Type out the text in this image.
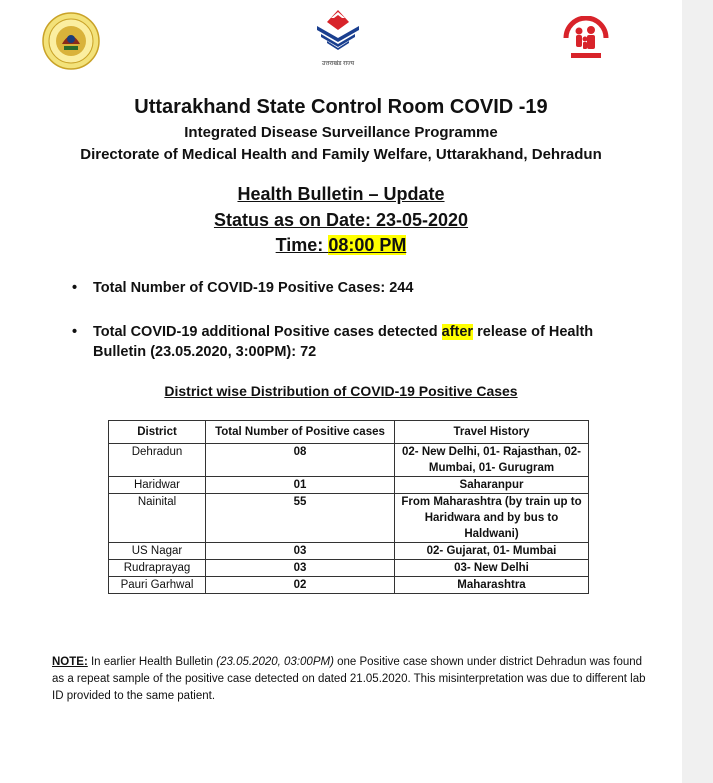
उत्तराखंड राज्य
Uttarakhand State Control Room COVID -19
Integrated Disease Surveillance Programme
Directorate of Medical Health and Family Welfare, Uttarakhand, Dehradun
Health Bulletin – Update
Status as on Date: 23-05-2020
Time: 08:00 PM
• Total Number of COVID-19 Positive Cases: 244
• Total COVID-19 additional Positive cases detected after release of Health Bulletin (23.05.2020, 3:00PM): 72
District wise Distribution of COVID-19 Positive Cases
District	Total Number of Positive cases	Travel History
Dehradun	08	02- New Delhi, 01- Rajasthan, 02- Mumbai, 01- Gurugram
Haridwar	01	Saharanpur
Nainital	55	From Maharashtra (by train up to Haridwara and by bus to Haldwani)
US Nagar	03	02- Gujarat, 01- Mumbai
Rudraprayag	03	03- New Delhi
Pauri Garhwal	02	Maharashtra
NOTE: In earlier Health Bulletin (23.05.2020, 03:00PM) one Positive case shown under district Dehradun was found as a repeat sample of the positive case detected on dated 21.05.2020. This misinterpretation was due to different lab ID provided to the same patient.
